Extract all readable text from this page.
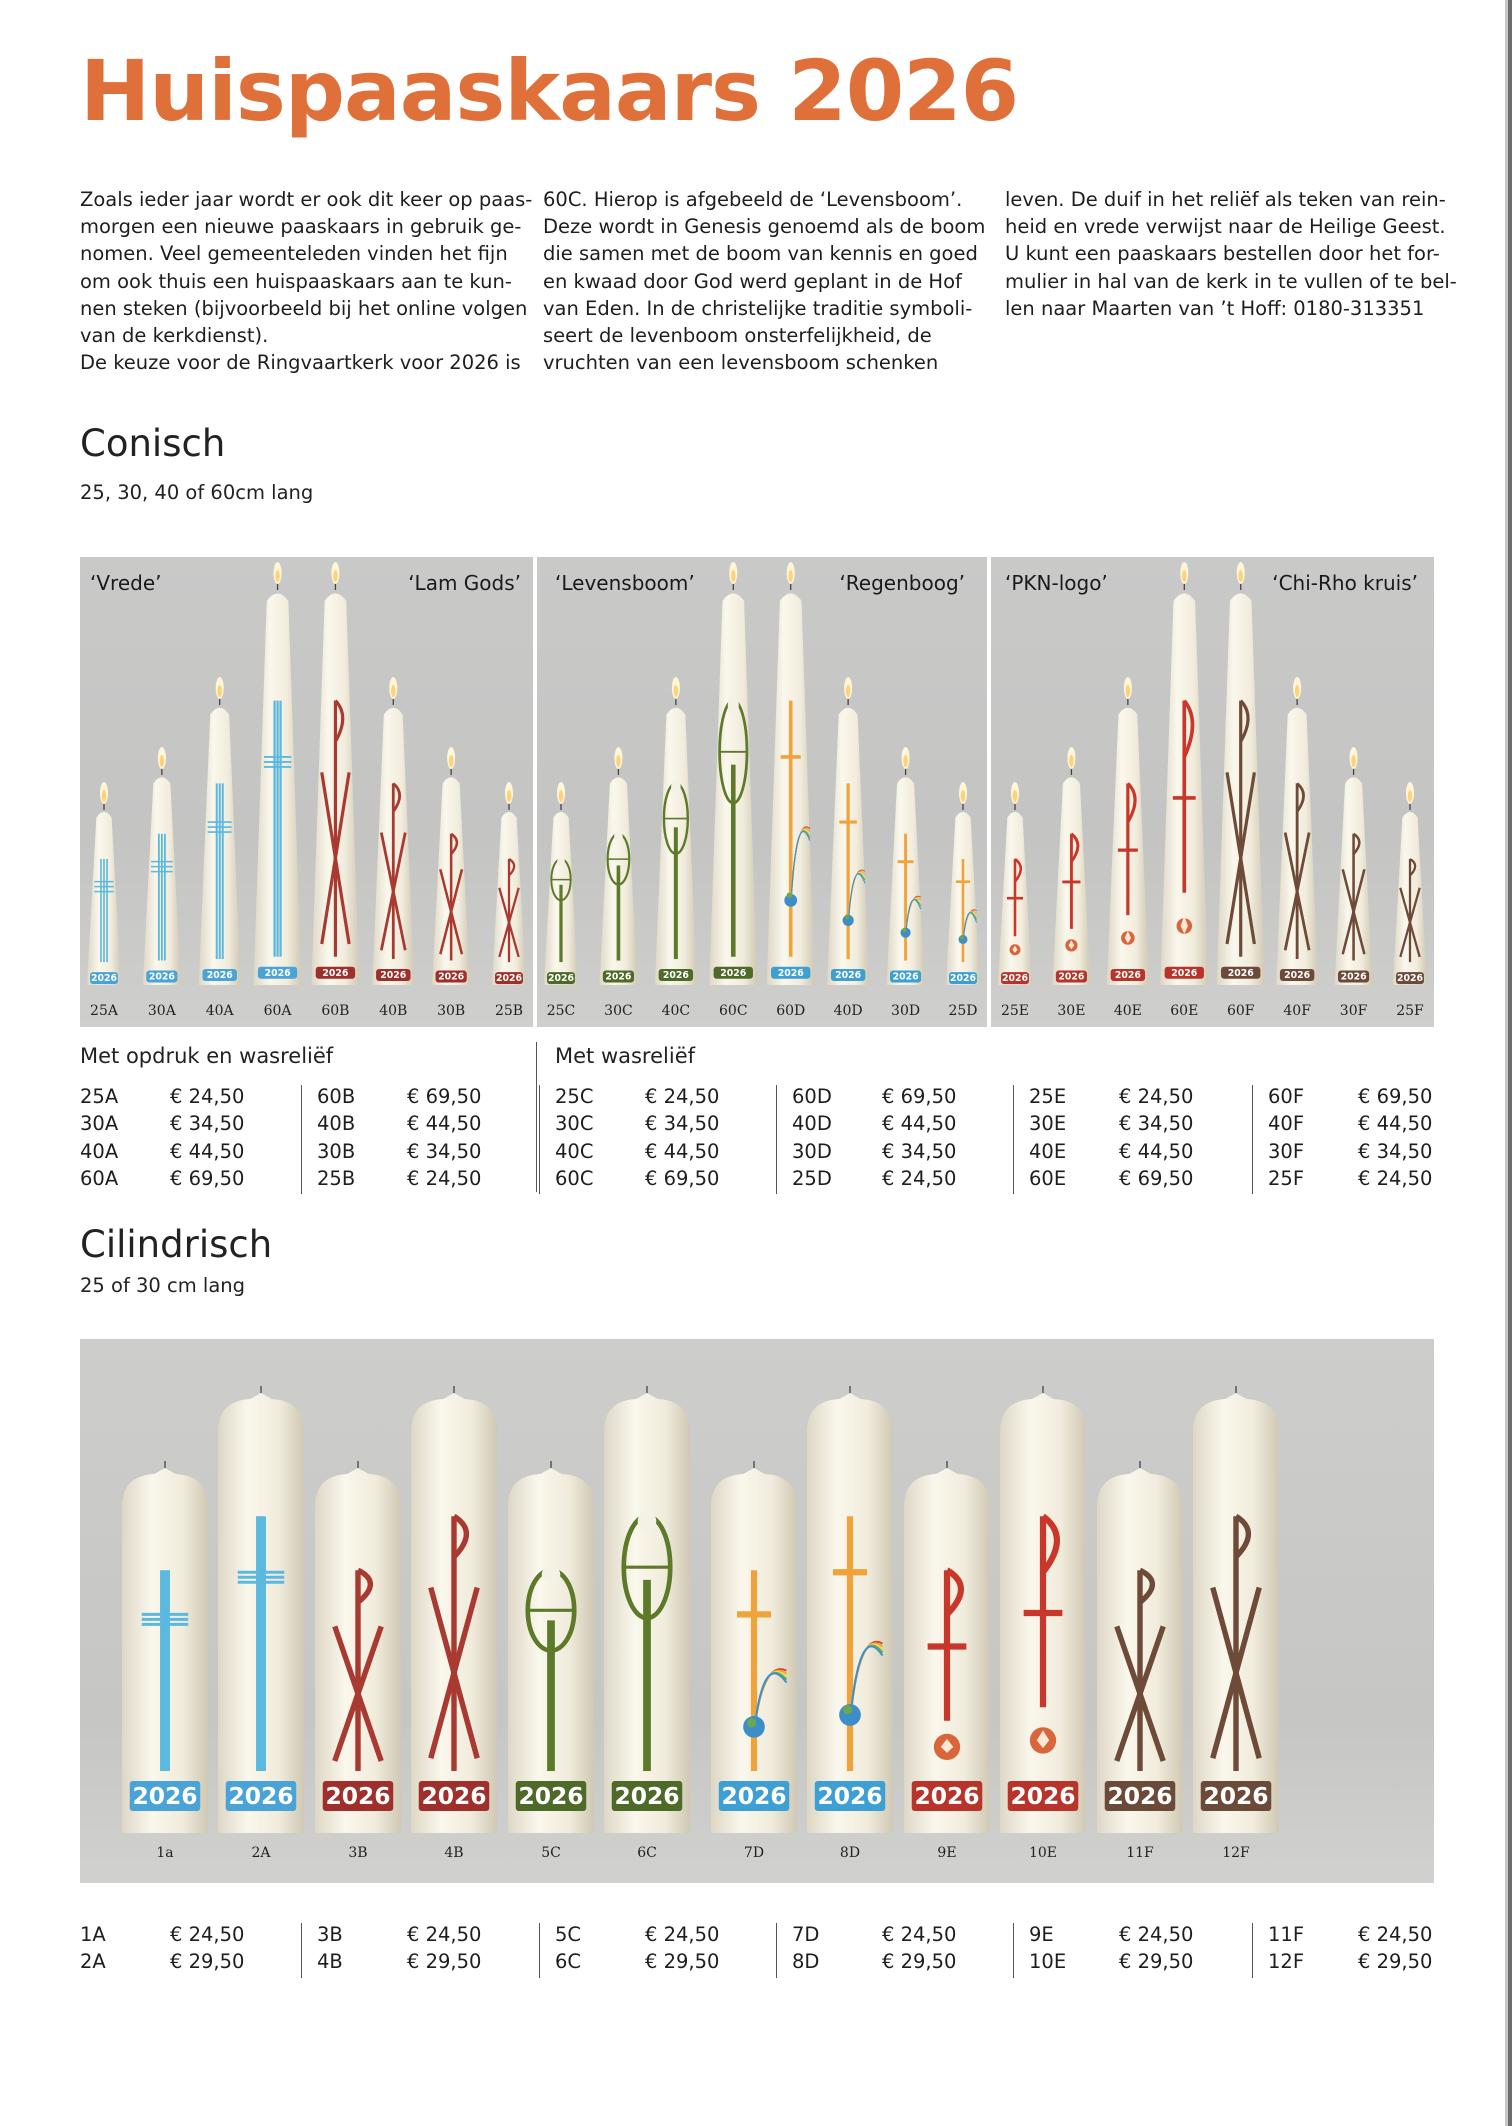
Huispaaskaars 2026

Zoals ieder jaar wordt er ook dit keer op paas-

morgen een nieuwe paaskaars in gebruik ge-

nomen. Veel gemeenteleden vinden het fijn

om ook thuis een huispaaskaars aan te kun-

nen steken (bijvoorbeeld bij het online volgen

van de kerkdienst).

De keuze voor de Ringvaartkerk voor 2026 is

60C. Hierop is afgebeeld de ‘Levensboom’.

Deze wordt in Genesis genoemd als de boom

die samen met de boom van kennis en goed

en kwaad door God werd geplant in de Hof

van Eden. In de christelijke traditie symboli-

seert de levenboom onsterfelijkheid, de

vruchten van een levensboom schenken

leven. De duif in het reliëf als teken van rein-

heid en vrede verwijst naar de Heilige Geest.

U kunt een paaskaars bestellen door het for-

mulier in hal van de kerk in te vullen of te bel-

len naar Maarten van ’t Hoff: 0180-313351

Conisch
25, 30, 40 of 60cm lang
2026
25A
2026
30A
2026
40A
2026
60A
2026
60B
2026
40B
2026
30B
2026
25B
‘Vrede’	‘Lam Gods’
2026
25C
2026
30C
2026
40C
2026
60C
2026
60D
2026
40D
2026
30D
2026
25D
‘Levensboom’	‘Regenboog’
2026
25E
2026
30E
2026
40E
2026
60E
2026
60F
2026
40F
2026
30F
2026
25F
‘PKN-logo’	‘Chi-Rho kruis’
Met opdruk en wasreliëf	Met wasreliëf
25A	€ 24,50
30A	€ 34,50
40A	€ 44,50
60A	€ 69,50
60B	€ 69,50
40B	€ 44,50
30B	€ 34,50
25B	€ 24,50
25C	€ 24,50
30C	€ 34,50
40C	€ 44,50
60C	€ 69,50
60D	€ 69,50
40D	€ 44,50
30D	€ 34,50
25D	€ 24,50
25E	€ 24,50
30E	€ 34,50
40E	€ 44,50
60E	€ 69,50
60F	€ 69,50
40F	€ 44,50
30F	€ 34,50
25F	€ 24,50
Cilindrisch
25 of 30 cm lang
2026
1a
2026
2A
2026
3B
2026
4B
2026
5C
2026
6C
2026
7D
2026
8D
2026
9E
2026
10E
2026
11F
2026
12F
1A	€ 24,50
2A	€ 29,50
3B	€ 24,50
4B	€ 29,50
5C	€ 24,50
6C	€ 29,50
7D	€ 24,50
8D	€ 29,50
9E	€ 24,50
10E	€ 29,50
11F	€ 24,50
12F	€ 29,50
